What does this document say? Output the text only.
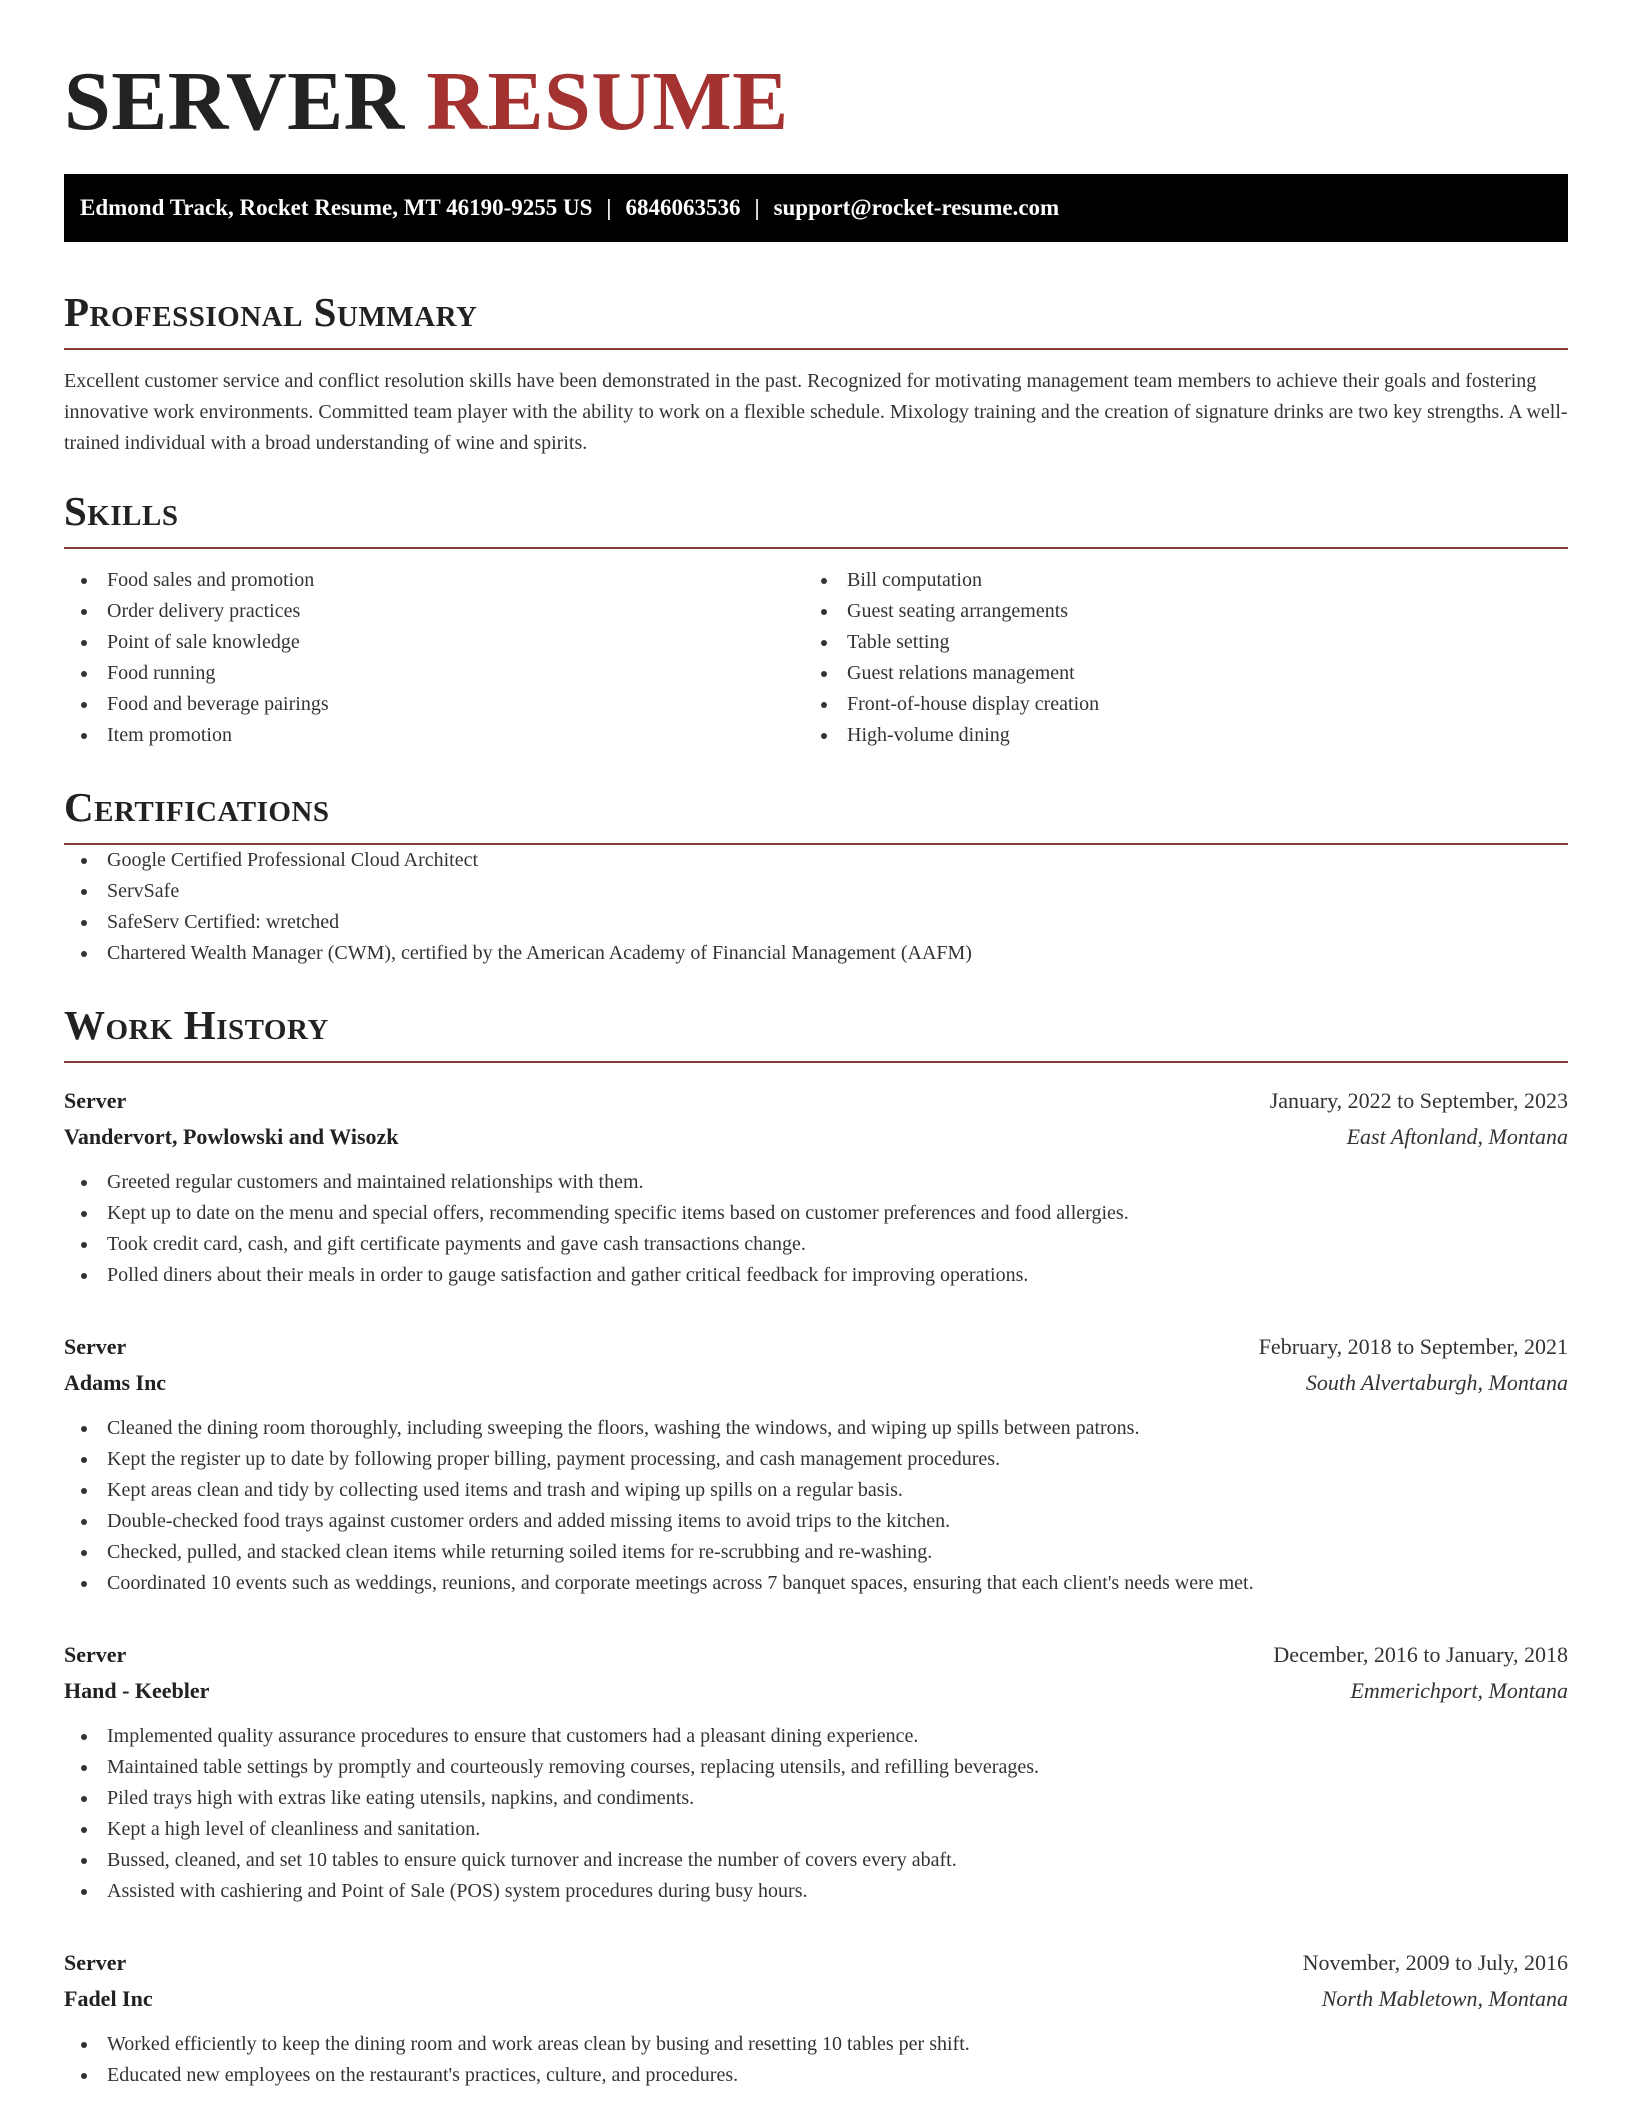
SERVER RESUME
Edmond Track, Rocket Resume, MT 46190-9255 US | 6846063536 | support@rocket-resume.com
Professional Summary

Excellent customer service and conflict resolution skills have been demonstrated in the past. Recognized for motivating management team members to achieve their goals and fostering innovative work environments. Committed team player with the ability to work on a flexible schedule. Mixology training and the creation of signature drinks are two key strengths. A well-trained individual with a broad understanding of wine and spirits.

Skills
Food sales and promotion
Order delivery practices
Point of sale knowledge
Food running
Food and beverage pairings
Item promotion
Bill computation
Guest seating arrangements
Table setting
Guest relations management
Front-of-house display creation
High-volume dining
Certifications
Google Certified Professional Cloud Architect
ServSafe
SafeServ Certified: wretched
Chartered Wealth Manager (CWM), certified by the American Academy of Financial Management (AAFM)
Work History
Server	January, 2022 to September, 2023
Vandervort, Powlowski and Wisozk	East Aftonland, Montana
Greeted regular customers and maintained relationships with them.
Kept up to date on the menu and special offers, recommending specific items based on customer preferences and food allergies.
Took credit card, cash, and gift certificate payments and gave cash transactions change.
Polled diners about their meals in order to gauge satisfaction and gather critical feedback for improving operations.
Server	February, 2018 to September, 2021
Adams Inc	South Alvertaburgh, Montana
Cleaned the dining room thoroughly, including sweeping the floors, washing the windows, and wiping up spills between patrons.
Kept the register up to date by following proper billing, payment processing, and cash management procedures.
Kept areas clean and tidy by collecting used items and trash and wiping up spills on a regular basis.
Double-checked food trays against customer orders and added missing items to avoid trips to the kitchen.
Checked, pulled, and stacked clean items while returning soiled items for re-scrubbing and re-washing.
Coordinated 10 events such as weddings, reunions, and corporate meetings across 7 banquet spaces, ensuring that each client's needs were met.
Server	December, 2016 to January, 2018
Hand - Keebler	Emmerichport, Montana
Implemented quality assurance procedures to ensure that customers had a pleasant dining experience.
Maintained table settings by promptly and courteously removing courses, replacing utensils, and refilling beverages.
Piled trays high with extras like eating utensils, napkins, and condiments.
Kept a high level of cleanliness and sanitation.
Bussed, cleaned, and set 10 tables to ensure quick turnover and increase the number of covers every abaft.
Assisted with cashiering and Point of Sale (POS) system procedures during busy hours.
Server	November, 2009 to July, 2016
Fadel Inc	North Mabletown, Montana
Worked efficiently to keep the dining room and work areas clean by busing and resetting 10 tables per shift.
Educated new employees on the restaurant's practices, culture, and procedures.
